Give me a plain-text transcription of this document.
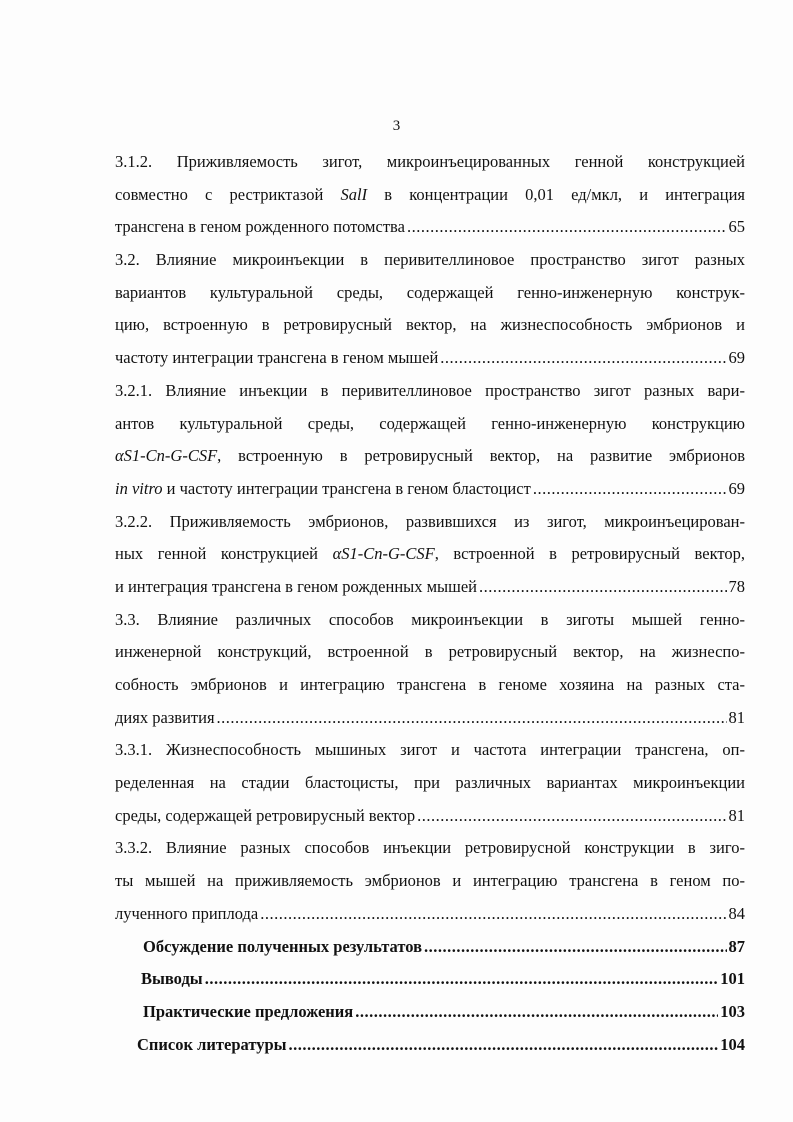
3
3.1.2. Приживляемость зигот, микроинъецированных генной конструкцией
совместно с рестриктазой SalI в концентрации 0,01 ед/мкл, и интеграция
трансгена в геном рожденного потомства .....	65
3.2. Влияние микроинъекции в перивителлиновое пространство зигот разных
вариантов культуральной среды, содержащей генно-инженерную конструк-
цию, встроенную в ретровирусный вектор, на жизнеспособность эмбрионов и
частоту интеграции трансгена в геном мышей .....	69
3.2.1. Влияние инъекции в перивителлиновое пространство зигот разных вари-
антов культуральной среды, содержащей генно-инженерную конструкцию
αS1-Cn-G-CSF, встроенную в ретровирусный вектор, на развитие эмбрионов
in vitro и частоту интеграции трансгена в геном бластоцист .....	69
3.2.2. Приживляемость эмбрионов, развившихся из зигот, микроинъецирован-
ных генной конструкцией αS1-Cn-G-CSF, встроенной в ретровирусный вектор,
и интеграция трансгена в геном рожденных мышей .....	78
3.3. Влияние различных способов микроинъекции в зиготы мышей генно-
инженерной конструкций, встроенной в ретровирусный вектор, на жизнеспо-
собность эмбрионов и интеграцию трансгена в геноме хозяина на разных ста-
диях развития .....	81
3.3.1. Жизнеспособность мышиных зигот и частота интеграции трансгена, оп-
ределенная на стадии бластоцисты, при различных вариантах микроинъекции
среды, содержащей ретровирусный вектор .....	81
3.3.2. Влияние разных способов инъекции ретровирусной конструкции в зиго-
ты мышей на приживляемость эмбрионов и интеграцию трансгена в геном по-
лученного приплода .....	84
Обсуждение полученных результатов .....	87
Выводы .....	101
Практические предложения .....	103
Список литературы .....	104
